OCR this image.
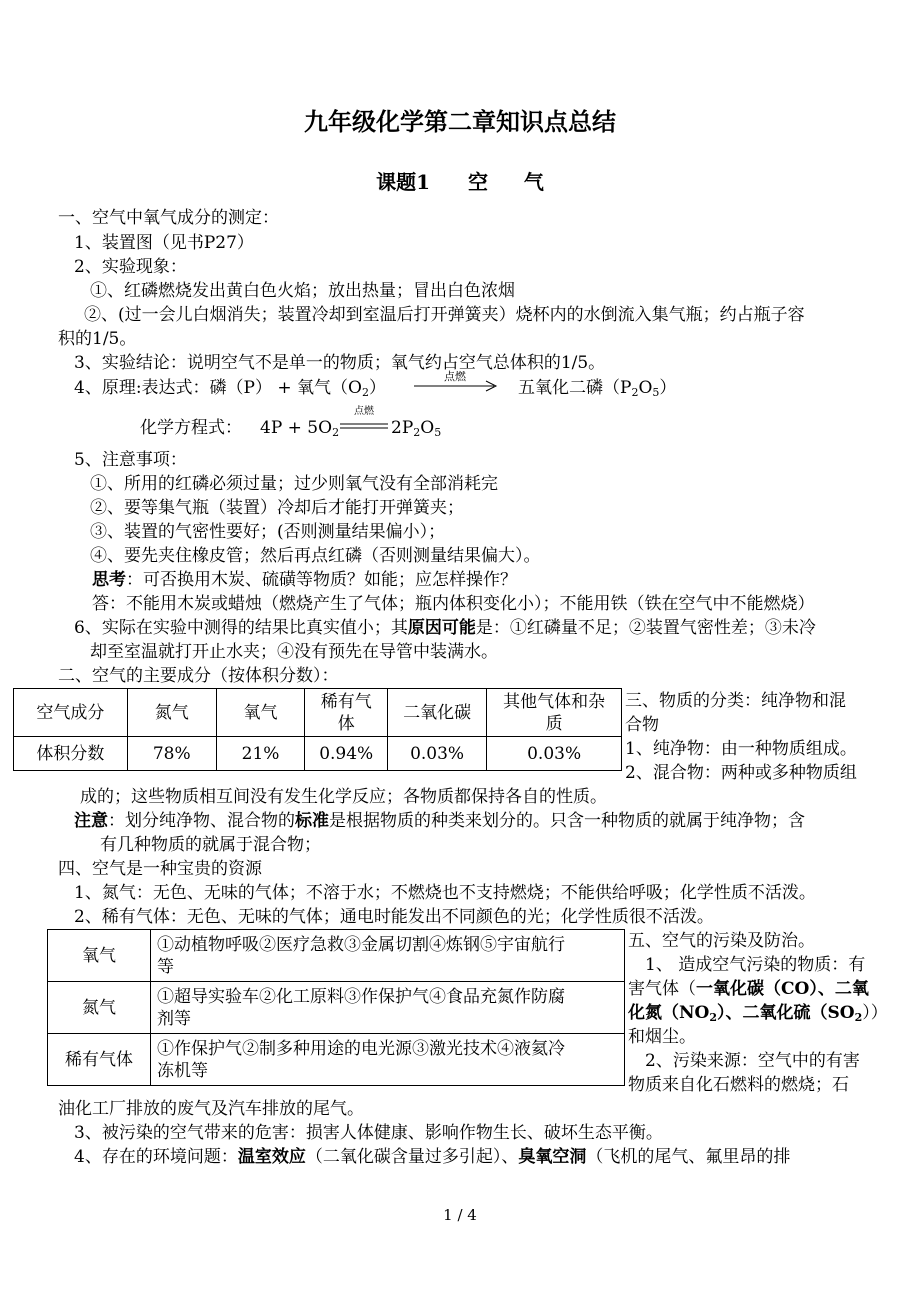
九年级化学第二章知识点总结
课题1 空 气
一、空气中氧气成分的测定：
1、装置图（见书P27）
2、实验现象：
①、红磷燃烧发出黄白色火焰；放出热量；冒出白色浓烟
②、(过一会儿白烟消失；装置冷却到室温后打开弹簧夹）烧杯内的水倒流入集气瓶；约占瓶子容
积的1/5。
3、实验结论：说明空气不是单一的物质；氧气约占空气总体积的1/5。
4、原理:表达式：磷（P） + 氧气$(O_2)$
点燃
五氧化二磷$(P_2O_5)$
化学方程式： $4P + 5O_2$
点燃
$2P_2O_5$
5、注意事项：
①、所用的红磷必须过量；过少则氧气没有全部消耗完
②、要等集气瓶（装置）冷却后才能打开弹簧夹；
③、装置的气密性要好；(否则测量结果偏小）；
④、要先夹住橡皮管；然后再点红磷（否则测量结果偏大）。
思考：可否换用木炭、硫磺等物质？如能；应怎样操作？
答：不能用木炭或蜡烛（燃烧产生了气体；瓶内体积变化小）；不能用铁（铁在空气中不能燃烧）
6、实际在实验中测得的结果比真实值小；其原因可能是：①红磷量不足；②装置气密性差；③未冷
却至室温就打开止水夹；④没有预先在导管中装满水。
二、空气的主要成分（按体积分数）：
空气成分	氮气	氧气	稀有气
体	二氧化碳	其他气体和杂
质
体积分数	78%	21%	0.94%	0.03%	0.03%
三、物质的分类：纯净物和混
合物
1、纯净物：由一种物质组成。
2、混合物：两种或多种物质组
成的；这些物质相互间没有发生化学反应；各物质都保持各自的性质。
注意：划分纯净物、混合物的标准是根据物质的种类来划分的。只含一种物质的就属于纯净物；含
有几种物质的就属于混合物；
四、空气是一种宝贵的资源
1、氮气：无色、无味的气体；不溶于水；不燃烧也不支持燃烧；不能供给呼吸；化学性质不活泼。
2、稀有气体：无色、无味的气体；通电时能发出不同颜色的光；化学性质很不活泼。
氧气	①动植物呼吸②医疗急救③金属切割④炼钢⑤宇宙航行
等
氮气	①超导实验车②化工原料③作保护气④食品充氮作防腐
剂等
稀有气体	①作保护气②制多种用途的电光源③激光技术④液氦冷
冻机等
五、空气的污染及防治。
1、 造成空气污染的物质：有
害气体（一氧化碳（CO）、二氧
化氮$(NO_2)$、二氧化硫$(SO_2)$）
和烟尘。
2、污染来源：空气中的有害
物质来自化石燃料的燃烧；石
油化工厂排放的废气及汽车排放的尾气。
3、被污染的空气带来的危害：损害人体健康、影响作物生长、破坏生态平衡。
4、存在的环境问题：温室效应（二氧化碳含量过多引起）、臭氧空洞（飞机的尾气、氟里昂的排
1 / 4
